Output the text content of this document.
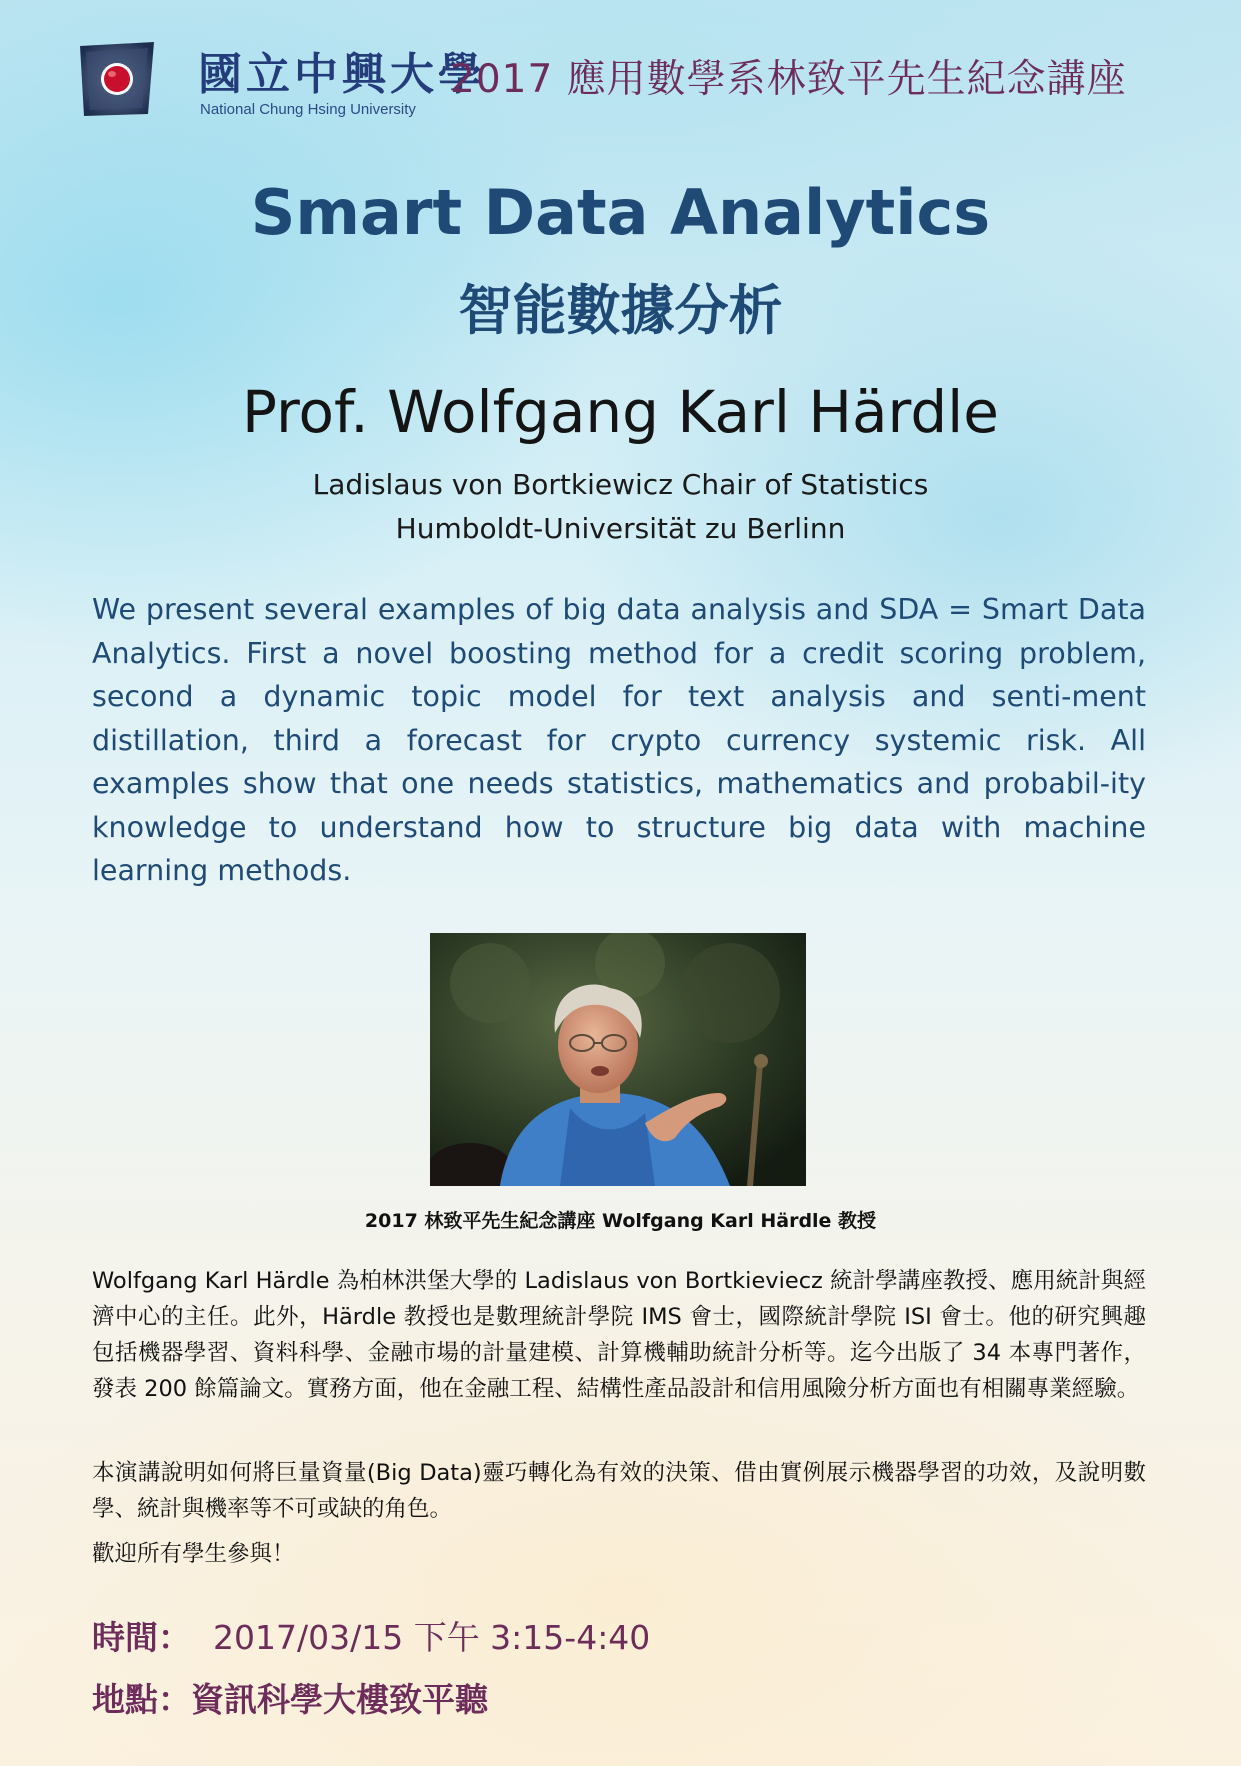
國立中興大學
National Chung Hsing University
2017 應用數學系林致平先生紀念講座
Smart Data Analytics
智能數據分析
Prof. Wolfgang Karl Härdle
Ladislaus von Bortkiewicz Chair of Statistics
Humboldt-Universität zu Berlinn
We present several examples of big data analysis and SDA = Smart Data Analytics. First a novel boosting method for a credit scoring problem, second a dynamic topic model for text analysis and senti-ment distillation, third a forecast for crypto currency systemic risk. All examples show that one needs statistics, mathematics and probabil-ity knowledge to understand how to structure big data with machine learning methods.
2017 林致平先生紀念講座 Wolfgang Karl Härdle 教授

Wolfgang Karl Härdle 為柏林洪堡大學的 Ladislaus von Bortkieviecz 統計學講座教授、應用統計與經濟中心的主任。此外，Härdle 教授也是數理統計學院 IMS 會士，國際統計學院 ISI 會士。他的研究興趣包括機器學習、資料科學、金融市場的計量建模、計算機輔助統計分析等。迄今出版了 34 本專門著作，發表 200 餘篇論文。實務方面，他在金融工程、結構性產品設計和信用風險分析方面也有相關專業經驗。

本演講說明如何將巨量資量(Big Data)靈巧轉化為有效的決策、借由實例展示機器學習的功效，及說明數學、統計與機率等不可或缺的角色。

歡迎所有學生參與！

時間： 2017/03/15 下午 3:15-4:40
地點：資訊科學大樓致平聽
